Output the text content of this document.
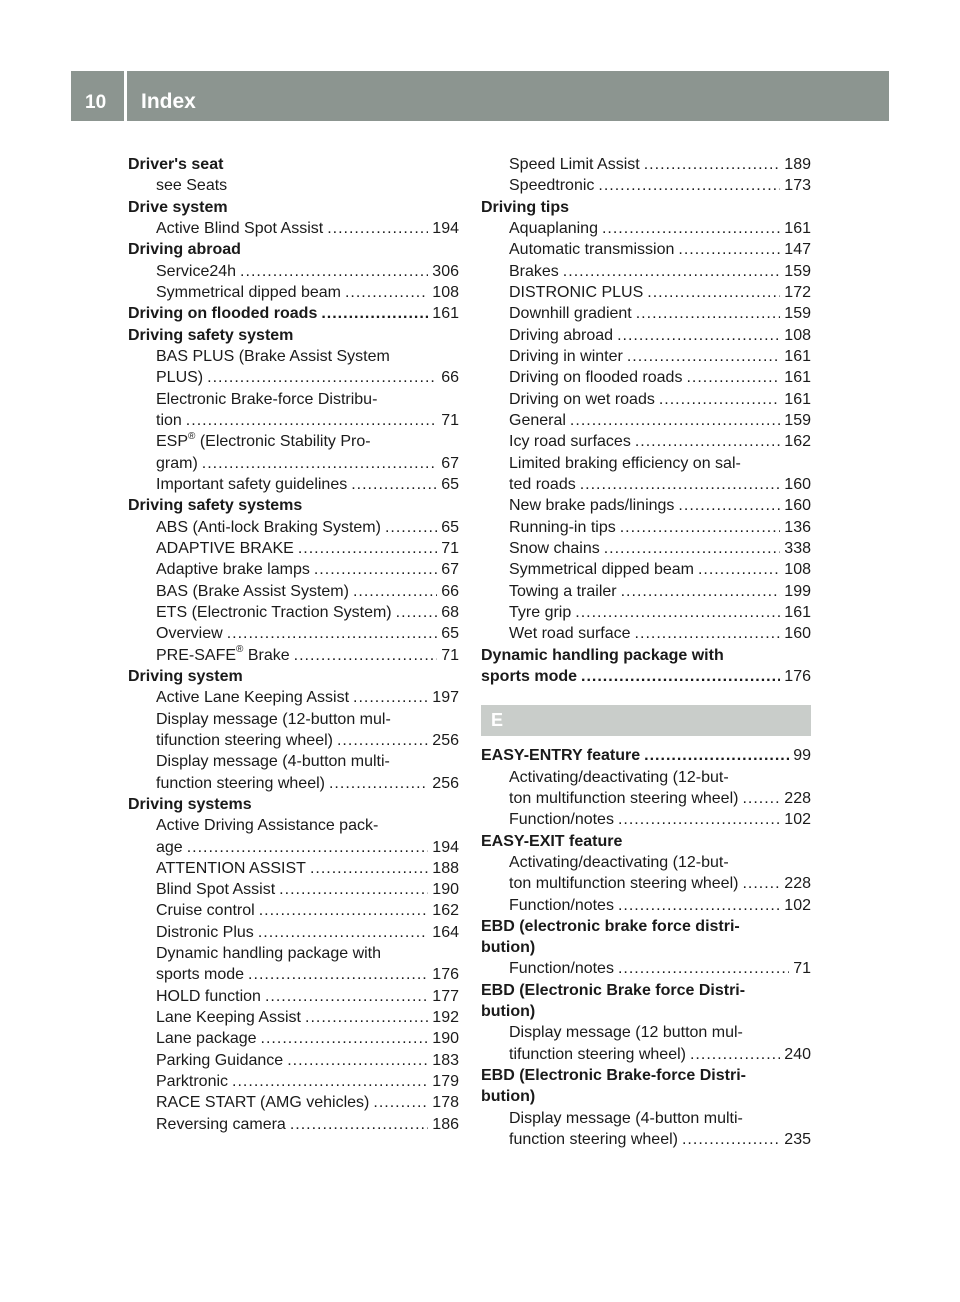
10 Index
Driver's seat
see Seats
Drive system
Active Blind Spot Assist .....	194
Driving abroad
Service24h .....	306
Symmetrical dipped beam .....	108
Driving on flooded roads .....	161
Driving safety system
BAS PLUS (Brake Assist System
PLUS) .....	66
Electronic Brake-force Distribu-
tion .....	71
ESP® (Electronic Stability Pro-
gram) .....	67
Important safety guidelines .....	65
Driving safety systems
ABS (Anti-lock Braking System) .....	65
ADAPTIVE BRAKE .....	71
Adaptive brake lamps .....	67
BAS (Brake Assist System) .....	66
ETS (Electronic Traction System) .....	68
Overview .....	65
PRE-SAFE® Brake .....	71
Driving system
Active Lane Keeping Assist .....	197
Display message (12-button mul-
tifunction steering wheel) .....	256
Display message (4-button multi-
function steering wheel) .....	256
Driving systems
Active Driving Assistance pack-
age .....	194
ATTENTION ASSIST .....	188
Blind Spot Assist .....	190
Cruise control .....	162
Distronic Plus .....	164
Dynamic handling package with
sports mode .....	176
HOLD function .....	177
Lane Keeping Assist .....	192
Lane package .....	190
Parking Guidance .....	183
Parktronic .....	179
RACE START (AMG vehicles) .....	178
Reversing camera .....	186
Speed Limit Assist .....	189
Speedtronic .....	173
Driving tips
Aquaplaning .....	161
Automatic transmission .....	147
Brakes .....	159
DISTRONIC PLUS .....	172
Downhill gradient .....	159
Driving abroad .....	108
Driving in winter .....	161
Driving on flooded roads .....	161
Driving on wet roads .....	161
General .....	159
Icy road surfaces .....	162
Limited braking efficiency on sal-
ted roads .....	160
New brake pads/linings .....	160
Running-in tips .....	136
Snow chains .....	338
Symmetrical dipped beam .....	108
Towing a trailer .....	199
Tyre grip .....	161
Wet road surface .....	160
Dynamic handling package with
sports mode .....	176
E
EASY-ENTRY feature .....	99
Activating/deactivating (12-but-
ton multifunction steering wheel) .....	228
Function/notes .....	102
EASY-EXIT feature
Activating/deactivating (12-but-
ton multifunction steering wheel) .....	228
Function/notes .....	102
EBD (electronic brake force distri-
bution)
Function/notes .....	71
EBD (Electronic Brake force Distri-
bution)
Display message (12 button mul-
tifunction steering wheel) .....	240
EBD (Electronic Brake-force Distri-
bution)
Display message (4-button multi-
function steering wheel) .....	235
